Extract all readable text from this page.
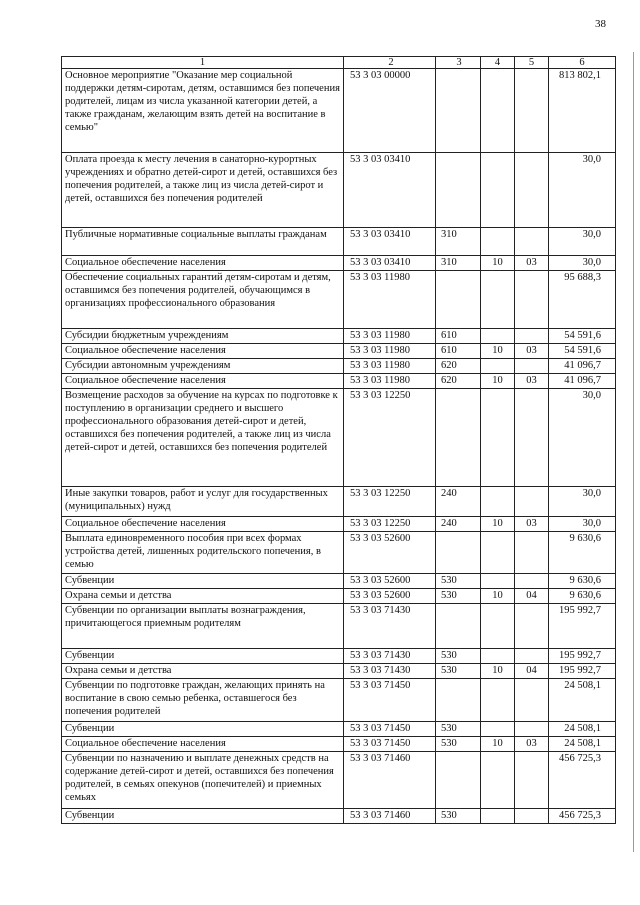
38
1	2	3	4	5	6
Основное мероприятие "Оказание мер социальной поддержки детям-сиротам, детям, оставшимся без попечения родителей, лицам из числа указанной категории детей, а также гражданам, желающим взять детей на воспитание в семью"	53 3 03 00000				813 802,1
Оплата проезда к месту лечения в санаторно-курортных учреждениях и обратно детей-сирот и детей, оставшихся без попечения родителей, а также лиц из числа детей-сирот и детей, оставшихся без попечения родителей	53 3 03 03410				30,0
Публичные нормативные социальные выплаты гражданам	53 3 03 03410	310			30,0
Социальное обеспечение населения	53 3 03 03410	310	10	03	30,0
Обеспечение социальных гарантий детям-сиротам и детям, оставшимся без попечения родителей, обучающимся в организациях профессионального образования	53 3 03 11980				95 688,3
Субсидии бюджетным учреждениям	53 3 03 11980	610			54 591,6
Социальное обеспечение населения	53 3 03 11980	610	10	03	54 591,6
Субсидии автономным учреждениям	53 3 03 11980	620			41 096,7
Социальное обеспечение населения	53 3 03 11980	620	10	03	41 096,7
Возмещение расходов за обучение на курсах по подготовке к поступлению в организации среднего и высшего профессионального образования детей-сирот и детей, оставшихся без попечения родителей, а также лиц из числа детей-сирот и детей, оставшихся без попечения родителей	53 3 03 12250				30,0
Иные закупки товаров, работ и услуг для государственных (муниципальных) нужд	53 3 03 12250	240			30,0
Социальное обеспечение населения	53 3 03 12250	240	10	03	30,0
Выплата единовременного пособия при всех формах устройства детей, лишенных родительского попечения, в семью	53 3 03 52600				9 630,6
Субвенции	53 3 03 52600	530			9 630,6
Охрана семьи и детства	53 3 03 52600	530	10	04	9 630,6
Субвенции по организации выплаты вознаграждения, причитающегося приемным родителям	53 3 03 71430				195 992,7
Субвенции	53 3 03 71430	530			195 992,7
Охрана семьи и детства	53 3 03 71430	530	10	04	195 992,7
Субвенции по подготовке граждан, желающих принять на воспитание в свою семью ребенка, оставшегося без попечения родителей	53 3 03 71450				24 508,1
Субвенции	53 3 03 71450	530			24 508,1
Социальное обеспечение населения	53 3 03 71450	530	10	03	24 508,1
Субвенции по назначению и выплате денежных средств на содержание детей-сирот и детей, оставшихся без попечения родителей, в семьях опекунов (попечителей) и приемных семьях	53 3 03 71460				456 725,3
Субвенции	53 3 03 71460	530			456 725,3
